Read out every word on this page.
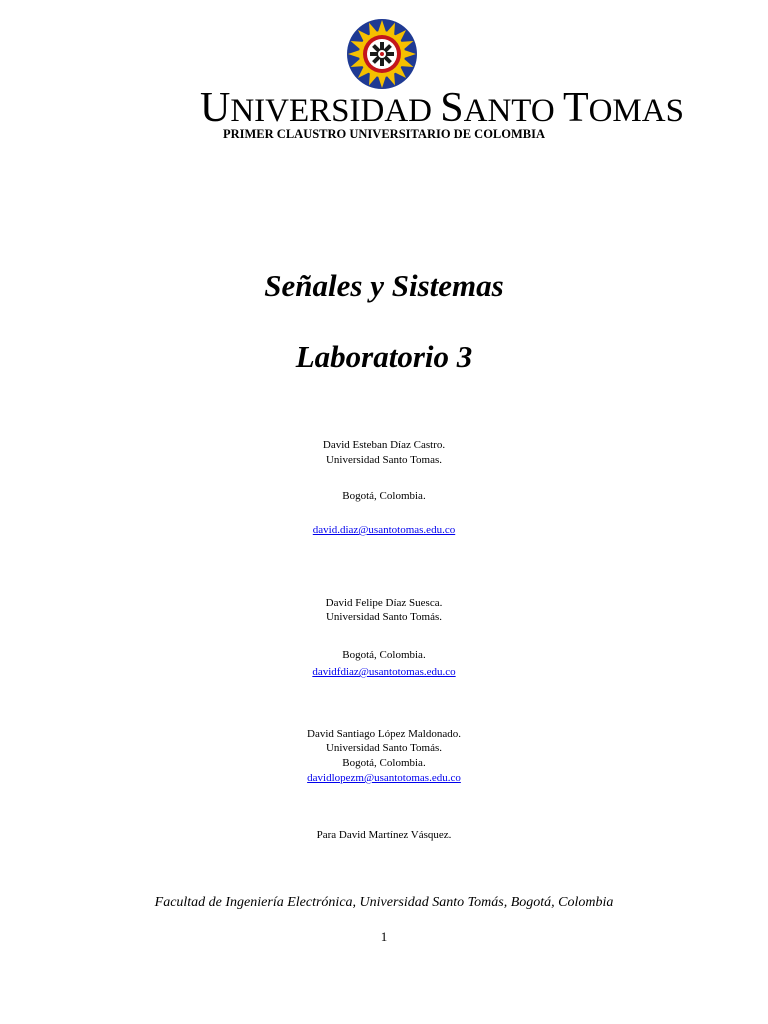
UNIVERSIDAD SANTO TOMAS
PRIMER CLAUSTRO UNIVERSITARIO DE COLOMBIA
Señales y Sistemas
Laboratorio 3
David Esteban Díaz Castro.
Universidad Santo Tomas.
Bogotá, Colombia.
david.diaz@usantotomas.edu.co
David Felipe Díaz Suesca.
Universidad Santo Tomás.
Bogotá, Colombia.
davidfdiaz@usantotomas.edu.co
David Santiago López Maldonado.
Universidad Santo Tomás.
Bogotá, Colombia.
davidlopezm@usantotomas.edu.co
Para David Martínez Vásquez.
Facultad de Ingeniería Electrónica, Universidad Santo Tomás, Bogotá, Colombia
1
